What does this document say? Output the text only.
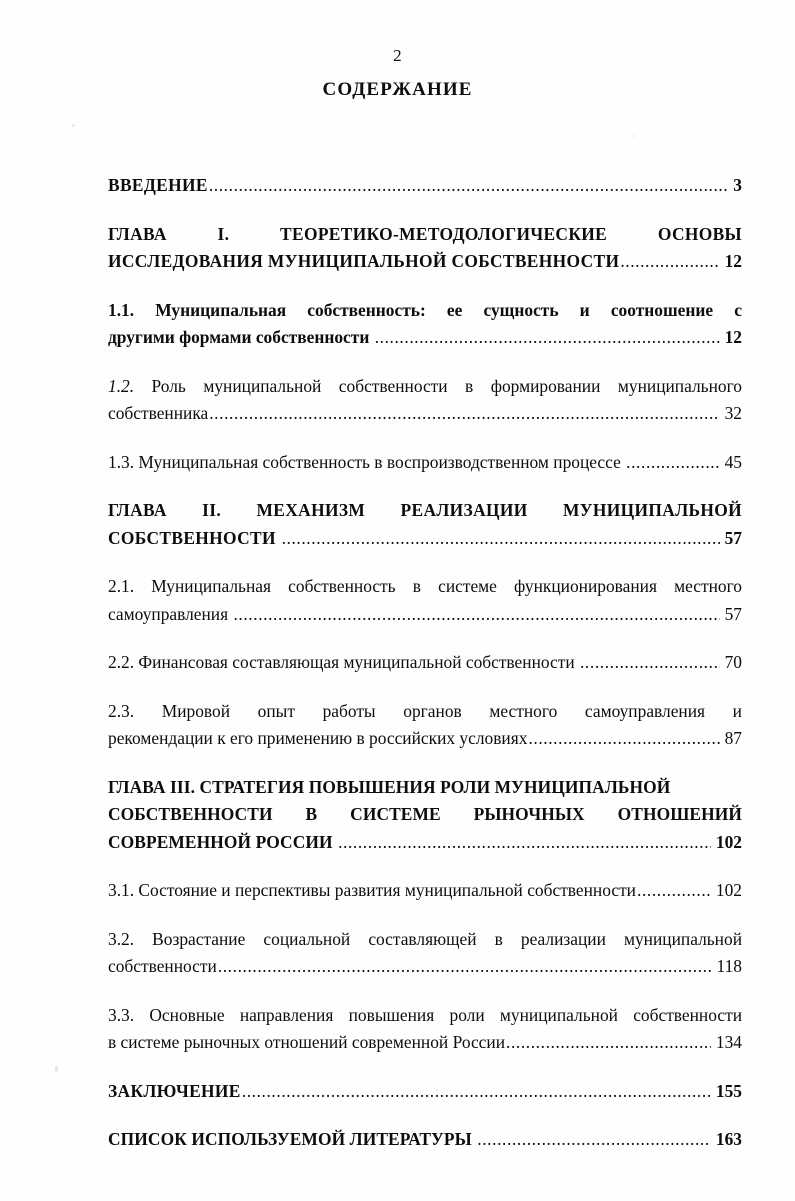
2
СОДЕРЖАНИЕ
ВВЕДЕНИЕ .....	3
ГЛАВА I. ТЕОРЕТИКО-МЕТОДОЛОГИЧЕСКИЕ ОСНОВЫ
ИССЛЕДОВАНИЯ МУНИЦИПАЛЬНОЙ СОБСТВЕННОСТИ .....	12
1.1. Муниципальная собственность: ее сущность и соотношение с
другими формами собственности .....	12
1.2. Роль муниципальной собственности в формировании муниципального
собственника .....	32
1.3. Муниципальная собственность в воспроизводственном процессе .....	45
ГЛАВА II. МЕХАНИЗМ РЕАЛИЗАЦИИ МУНИЦИПАЛЬНОЙ
СОБСТВЕННОСТИ .....	57
2.1. Муниципальная собственность в системе функционирования местного
самоуправления .....	57
2.2. Финансовая составляющая муниципальной собственности .....	70
2.3. Мировой опыт работы органов местного самоуправления и
рекомендации к его применению в российских условиях .....	87
ГЛАВА III. СТРАТЕГИЯ ПОВЫШЕНИЯ РОЛИ МУНИЦИПАЛЬНОЙ
СОБСТВЕННОСТИ В СИСТЕМЕ РЫНОЧНЫХ ОТНОШЕНИЙ
СОВРЕМЕННОЙ РОССИИ .....	102
3.1. Состояние и перспективы развития муниципальной собственности .....	102
3.2. Возрастание социальной составляющей в реализации муниципальной
собственности .....	118
3.3. Основные направления повышения роли муниципальной собственности
в системе рыночных отношений современной России .....	134
ЗАКЛЮЧЕНИЕ .....	155
СПИСОК ИСПОЛЬЗУЕМОЙ ЛИТЕРАТУРЫ .....	163
